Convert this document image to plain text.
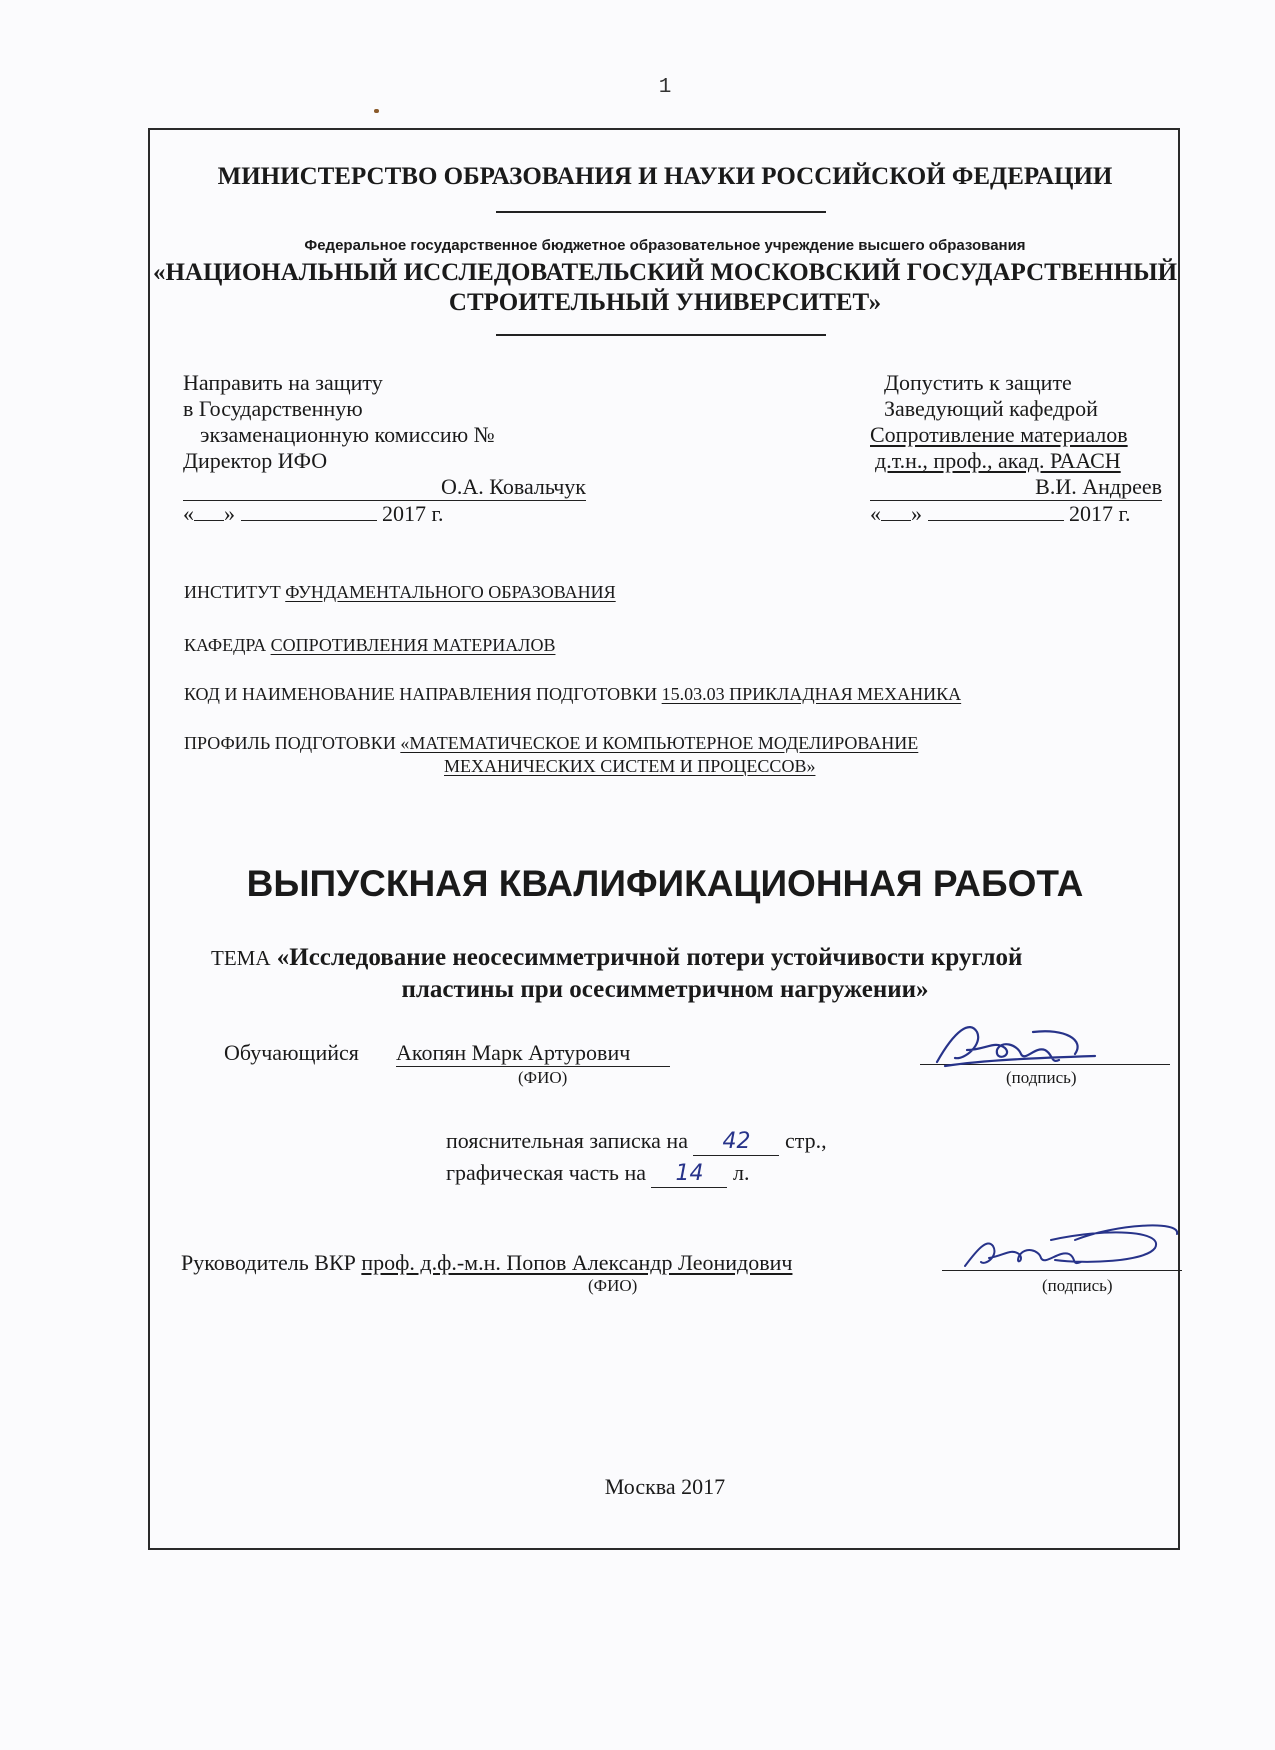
1
МИНИСТЕРСТВО ОБРАЗОВАНИЯ И НАУКИ РОССИЙСКОЙ ФЕДЕРАЦИИ
Федеральное государственное бюджетное образовательное учреждение высшего образования
«НАЦИОНАЛЬНЫЙ ИССЛЕДОВАТЕЛЬСКИЙ МОСКОВСКИЙ ГОСУДАРСТВЕННЫЙ
СТРОИТЕЛЬНЫЙ УНИВЕРСИТЕТ»
Направить на защиту
в Государственную
экзаменационную комиссию №
Директор ИФО
О.А. Ковальчук
« »	2017 г.
Допустить к защите
Заведующий кафедрой
Сопротивление материалов
д.т.н., проф., акад. РААСН
В.И. Андреев
« »	2017 г.
ИНСТИТУТ ФУНДАМЕНТАЛЬНОГО ОБРАЗОВАНИЯ
КАФЕДРА СОПРОТИВЛЕНИЯ МАТЕРИАЛОВ
КОД И НАИМЕНОВАНИЕ НАПРАВЛЕНИЯ ПОДГОТОВКИ 15.03.03 ПРИКЛАДНАЯ МЕХАНИКА
ПРОФИЛЬ ПОДГОТОВКИ «МАТЕМАТИЧЕСКОЕ И КОМПЬЮТЕРНОЕ МОДЕЛИРОВАНИЕ
МЕХАНИЧЕСКИХ СИСТЕМ И ПРОЦЕССОВ»
ВЫПУСКНАЯ КВАЛИФИКАЦИОННАЯ РАБОТА
ТЕМА «Исследование неосесимметричной потери устойчивости круглой
пластины при осесимметричном нагружении»
Обучающийся Акопян Марк Артурович
(ФИО)	(подпись)
пояснительная записка на 42 стр.,
графическая часть на 14 л.
Руководитель ВКР проф. д.ф.-м.н. Попов Александр Леонидович
(ФИО)	(подпись)
Москва 2017
